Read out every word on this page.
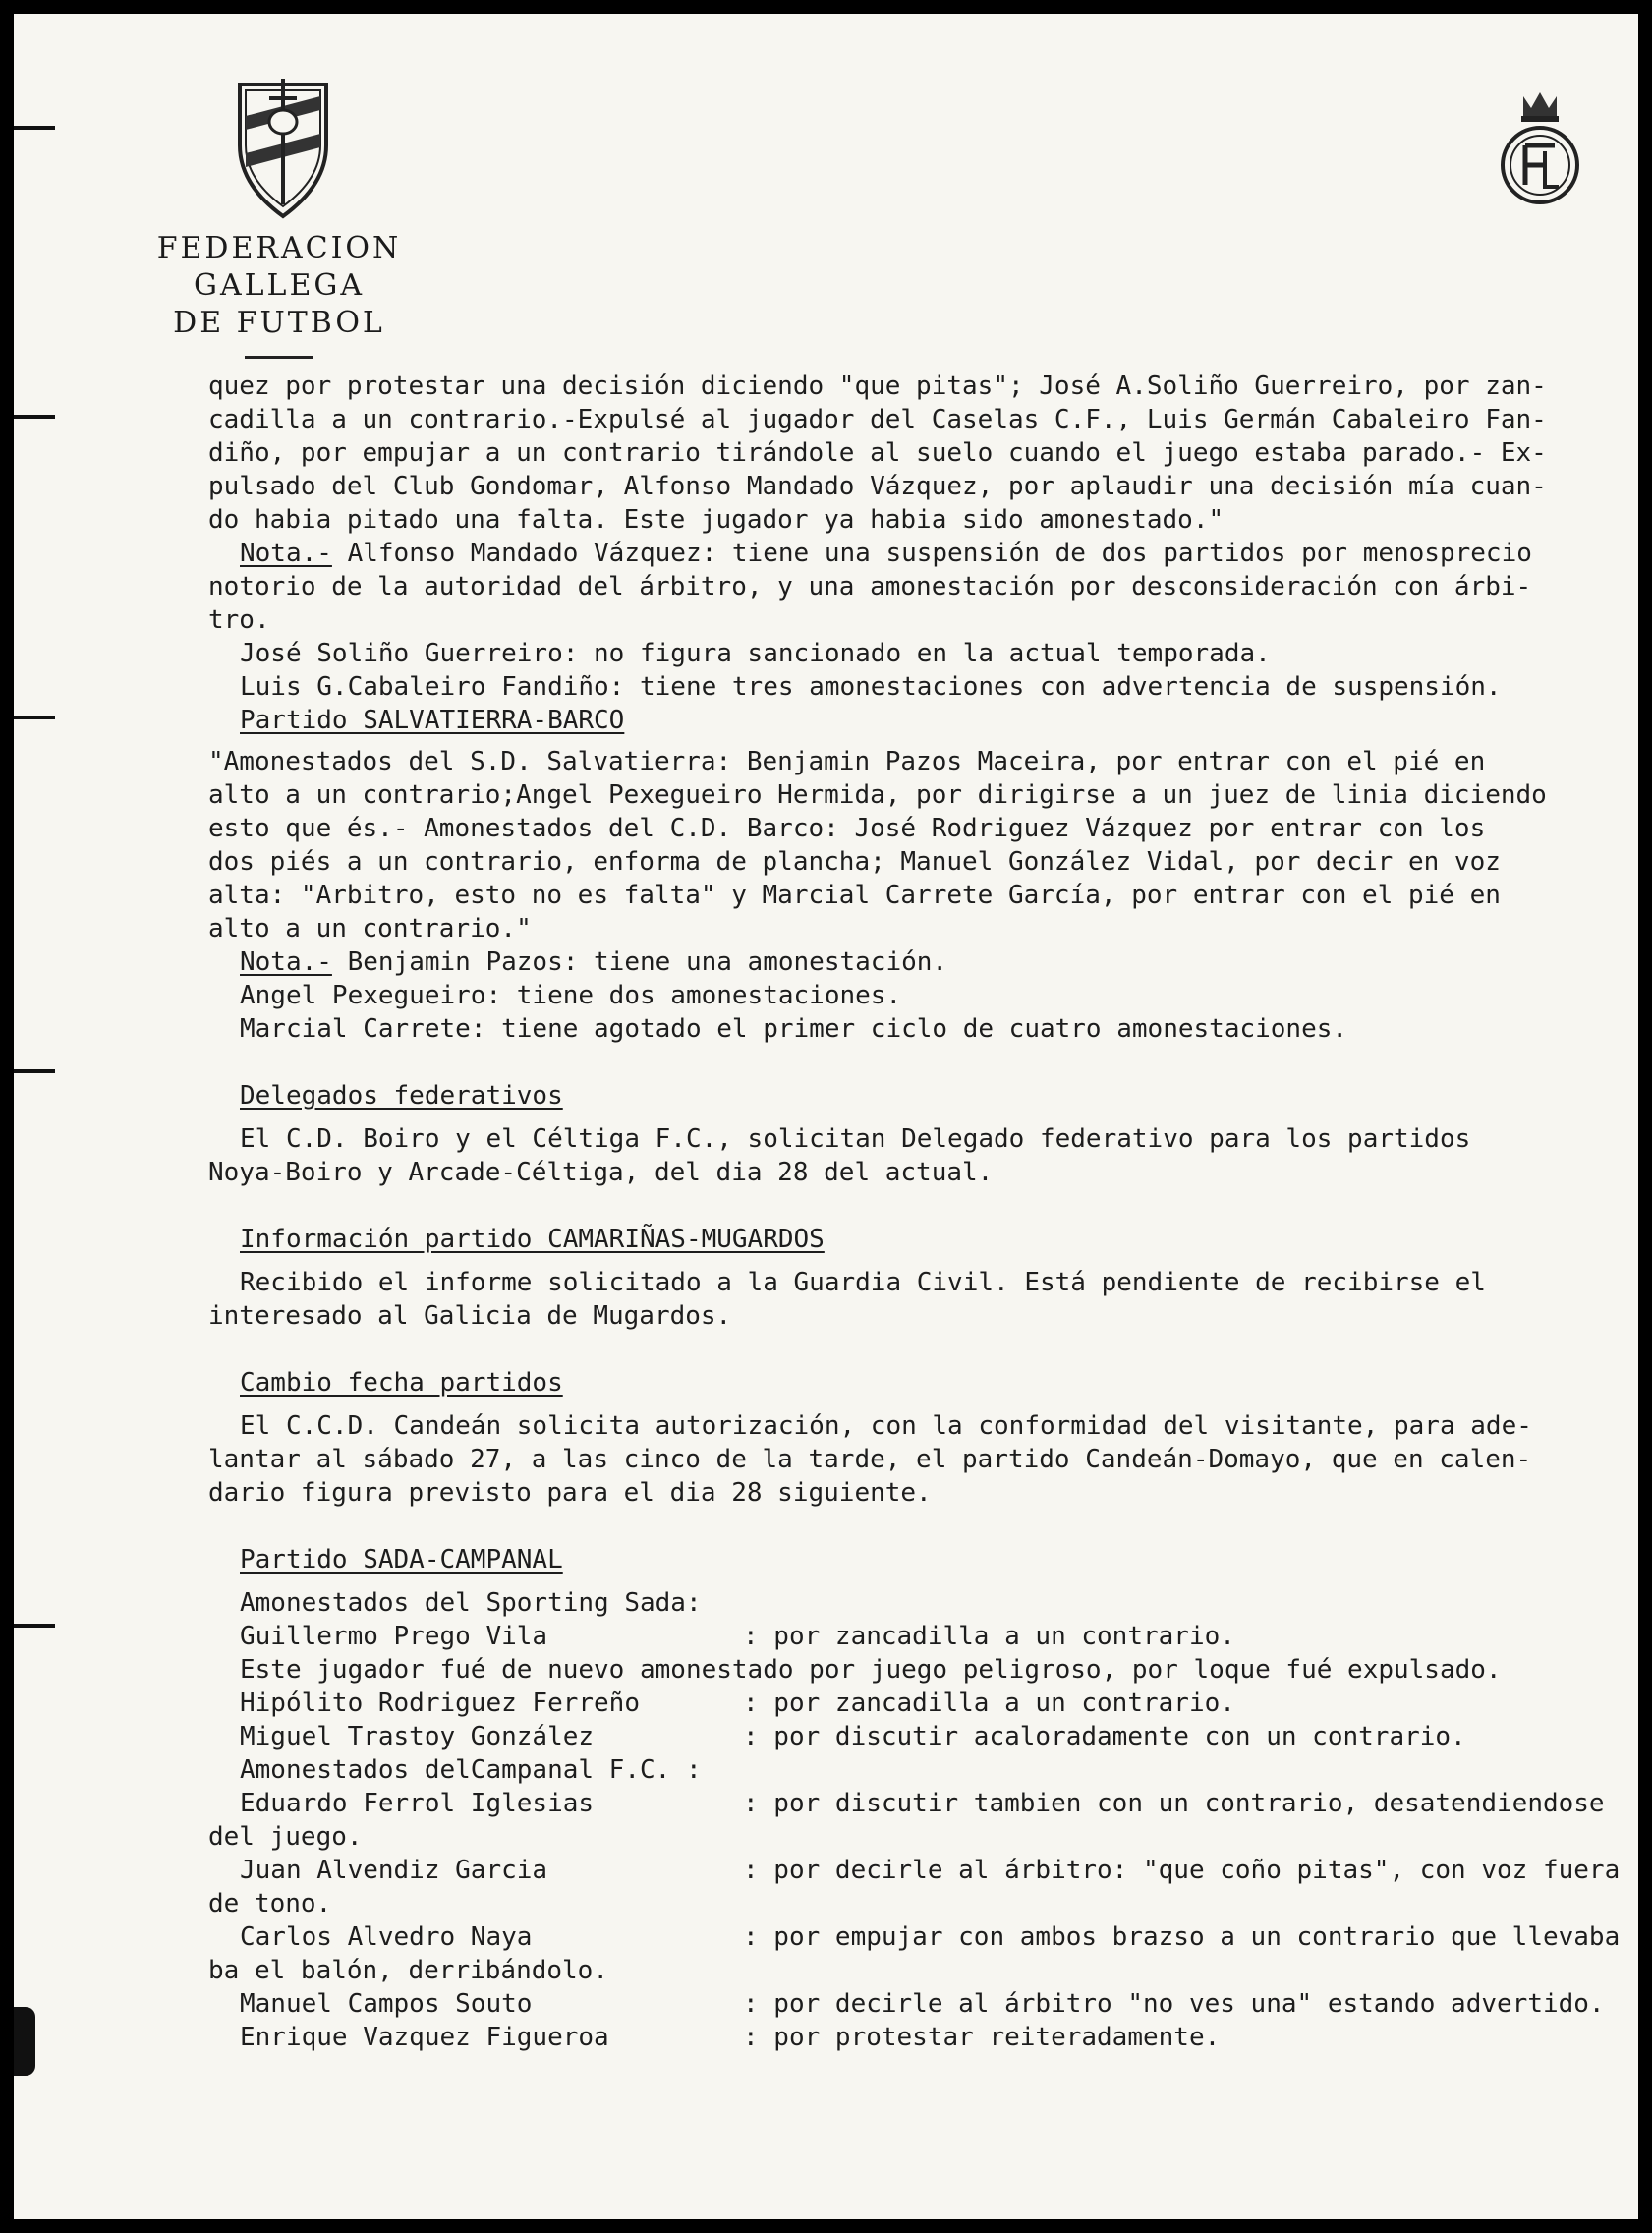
FEDERACION GALLEGA
DE FUTBOL
quez por protestar una decisión diciendo "que pitas"; José A.Soliño Guerreiro, por zan-
cadilla a un contrario.-Expulsé al jugador del Caselas C.F., Luis Germán Cabaleiro Fan-
diño, por empujar a un contrario tirándole al suelo cuando el juego estaba parado.- Ex-
pulsado del Club Gondomar, Alfonso Mandado Vázquez, por aplaudir una decisión mía cuan-
do habia pitado una falta. Este jugador ya habia sido amonestado."
Nota.- Alfonso Mandado Vázquez: tiene una suspensión de dos partidos por menosprecio
notorio de la autoridad del árbitro, y una amonestación por desconsideración con árbi-
tro.
José Soliño Guerreiro: no figura sancionado en la actual temporada.
Luis G.Cabaleiro Fandiño: tiene tres amonestaciones con advertencia de suspensión.
Partido SALVATIERRA-BARCO
"Amonestados del S.D. Salvatierra: Benjamin Pazos Maceira, por entrar con el pié en
alto a un contrario;Angel Pexegueiro Hermida, por dirigirse a un juez de linia diciendo
esto que és.- Amonestados del C.D. Barco: José Rodriguez Vázquez por entrar con los
dos piés a un contrario, enforma de plancha; Manuel González Vidal, por decir en voz
alta: "Arbitro, esto no es falta" y Marcial Carrete García, por entrar con el pié en
alto a un contrario."
Nota.- Benjamin Pazos: tiene una amonestación.
Angel Pexegueiro: tiene dos amonestaciones.
Marcial Carrete: tiene agotado el primer ciclo de cuatro amonestaciones.
Delegados federativos
El C.D. Boiro y el Céltiga F.C., solicitan Delegado federativo para los partidos
Noya-Boiro y Arcade-Céltiga, del dia 28 del actual.
Información partido CAMARIÑAS-MUGARDOS
Recibido el informe solicitado a la Guardia Civil. Está pendiente de recibirse el
interesado al Galicia de Mugardos.
Cambio fecha partidos
El C.C.D. Candeán solicita autorización, con la conformidad del visitante, para ade-
lantar al sábado 27, a las cinco de la tarde, el partido Candeán-Domayo, que en calen-
dario figura previsto para el dia 28 siguiente.
Partido SADA-CAMPANAL
Amonestados del Sporting Sada:
Guillermo Prego Vila	: por zancadilla a un contrario.
Este jugador fué de nuevo amonestado por juego peligroso, por loque fué expulsado.
Hipólito Rodriguez Ferreño	: por zancadilla a un contrario.
Miguel Trastoy González	: por discutir acaloradamente con un contrario.
Amonestados delCampanal F.C. :
Eduardo Ferrol Iglesias	: por discutir tambien con un contrario, desatendiendose
del juego.
Juan Alvendiz Garcia	: por decirle al árbitro: "que coño pitas", con voz fuera
de tono.
Carlos Alvedro Naya	: por empujar con ambos brazso a un contrario que llevaba
ba el balón, derribándolo.
Manuel Campos Souto	: por decirle al árbitro "no ves una" estando advertido.
Enrique Vazquez Figueroa	: por protestar reiteradamente.
